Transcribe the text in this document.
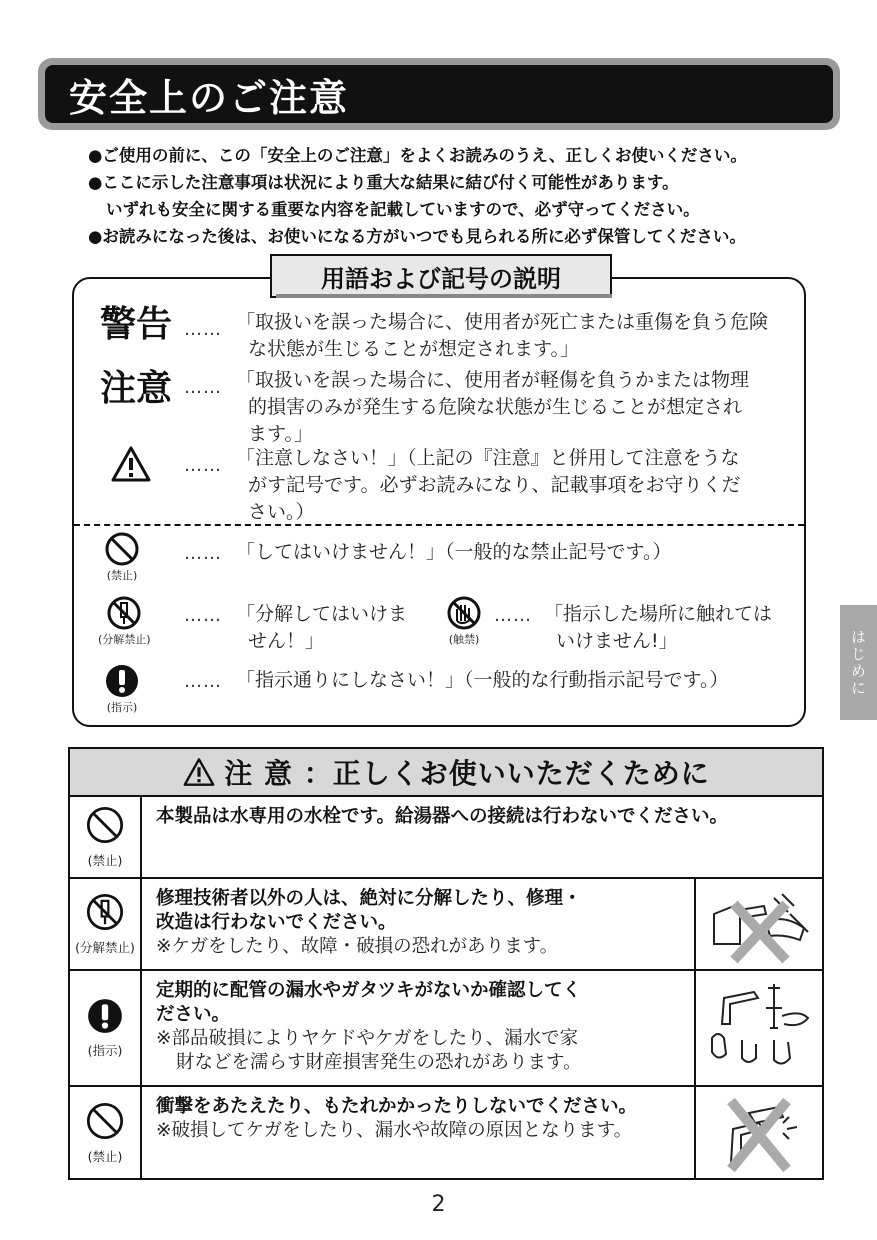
安全上のご注意
●ご使用の前に、この「安全上のご注意」をよくお読みのうえ、正しくお使いください。
●ここに示した注意事項は状況により重大な結果に結び付く可能性があります。
いずれも安全に関する重要な内容を記載していますので、必ず守ってください。
●お読みになった後は、お使いになる方がいつでも見られる所に必ず保管してください。
警告 …… 「取扱いを誤った場合に、使用者が死亡または重傷を負う危険
な状態が生じることが想定されます。」
注意 …… 「取扱いを誤った場合に、使用者が軽傷を負うかまたは物理
的損害のみが発生する危険な状態が生じることが想定され
ます。」
…… 「注意しなさい！」（上記の『注意』と併用して注意をうな
がす記号です。必ずお読みになり、記載事項をお守りくだ
さい。）
(禁止)
…… 「してはいけません！」（一般的な禁止記号です。）
(分解禁止)
…… 「分解してはいけま
せん！」	(触禁)
…… 「指示した場所に触れては
いけません!」
(指示)
…… 「指示通りにしなさい！」（一般的な行動指示記号です。）
用語および記号の説明
はじめに
注 意 ：正しくお使いいただくために
(禁止)
本製品は水専用の水栓です。給湯器への接続は行わないでください。
(分解禁止)
修理技術者以外の人は、絶対に分解したり、修理・
改造は行わないでください。
※ケガをしたり、故障・破損の恐れがあります。
(指示)
定期的に配管の漏水やガタツキがないか確認してく
ださい。
※部品破損によりヤケドやケガをしたり、漏水で家
財などを濡らす財産損害発生の恐れがあります。
(禁止)
衝撃をあたえたり、もたれかかったりしないでください。
※破損してケガをしたり、漏水や故障の原因となります。
2
